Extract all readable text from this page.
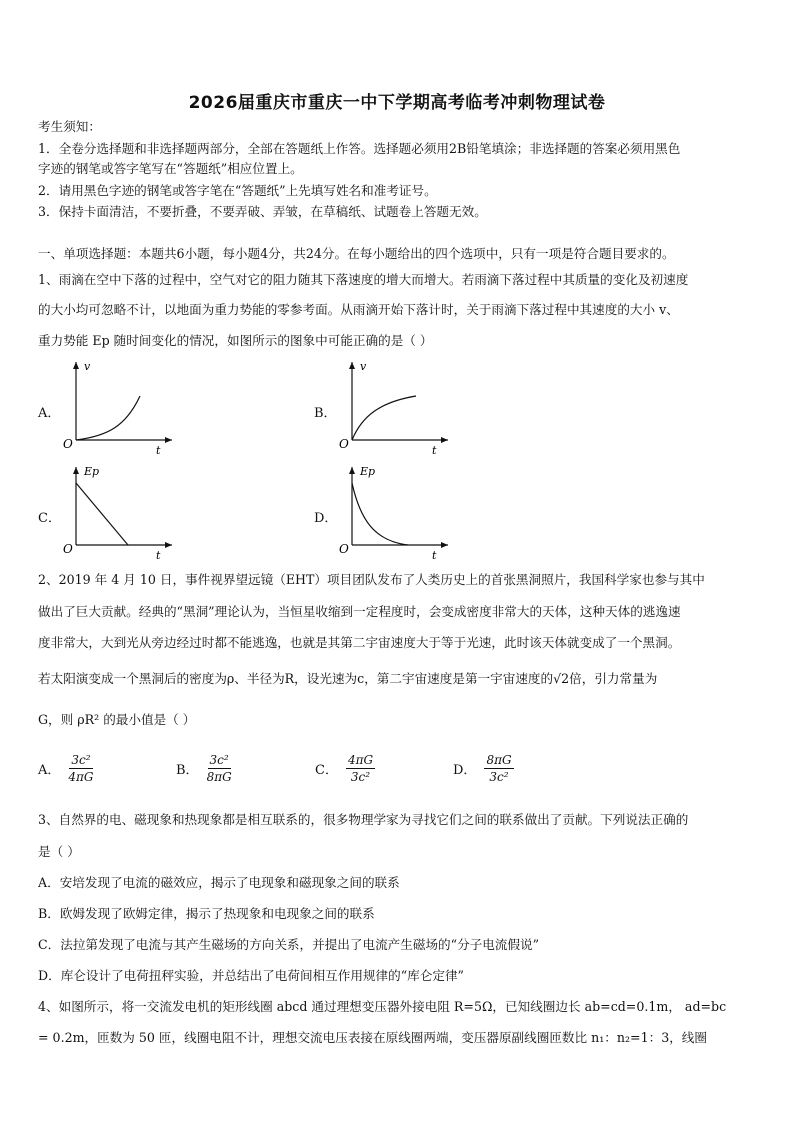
2026届重庆市重庆一中下学期高考临考冲刺物理试卷
考生须知：
1．全卷分选择题和非选择题两部分，全部在答题纸上作答。选择题必须用2B铅笔填涂；非选择题的答案必须用黑色
字迹的钢笔或答字笔写在“答题纸”相应位置上。
2．请用黑色字迹的钢笔或答字笔在“答题纸”上先填写姓名和准考证号。
3．保持卡面清洁，不要折叠，不要弄破、弄皱，在草稿纸、试题卷上答题无效。
一、单项选择题：本题共6小题，每小题4分，共24分。在每小题给出的四个选项中，只有一项是符合题目要求的。
1、雨滴在空中下落的过程中，空气对它的阻力随其下落速度的增大而增大。若雨滴下落过程中其质量的变化及初速度
的大小均可忽略不计，以地面为重力势能的零参考面。从雨滴开始下落计时，关于雨滴下落过程中其速度的大小 v、
重力势能 Ep 随时间变化的情况，如图所示的图象中可能正确的是（ ）
A．
O
v
t
B．
O
v
t
C．
O
Ep
t
D．
O
Ep
t
2、2019 年 4 月 10 日，事件视界望远镜（EHT）项目团队发布了人类历史上的首张黑洞照片，我国科学家也参与其中
做出了巨大贡献。经典的“黑洞”理论认为，当恒星收缩到一定程度时，会变成密度非常大的天体，这种天体的逃逸速
度非常大，大到光从旁边经过时都不能逃逸，也就是其第二宇宙速度大于等于光速，此时该天体就变成了一个黑洞。
若太阳演变成一个黑洞后的密度为ρ、半径为R，设光速为c，第二宇宙速度是第一宇宙速度的√2倍，引力常量为
G，则 ρR² 的最小值是（ ）
A． $\frac{\text{3c²}}{4\pi G}$	B． $\frac{\text{3c²}}{8\pi G}$	C． $\frac{4\pi G}{\text{3c²}}$	D． $\frac{8\pi G}{\text{3c²}}$
3、自然界的电、磁现象和热现象都是相互联系的，很多物理学家为寻找它们之间的联系做出了贡献。下列说法正确的
是（ ）
A．安培发现了电流的磁效应，揭示了电现象和磁现象之间的联系
B．欧姆发现了欧姆定律，揭示了热现象和电现象之间的联系
C．法拉第发现了电流与其产生磁场的方向关系，并提出了电流产生磁场的“分子电流假说”
D．库仑设计了电荷扭秤实验，并总结出了电荷间相互作用规律的“库仑定律”
4、如图所示，将一交流发电机的矩形线圈 abcd 通过理想变压器外接电阻 R=5Ω，已知线圈边长 ab=cd=0.1m， ad=bc
= 0.2m，匝数为 50 匝，线圈电阻不计，理想交流电压表接在原线圈两端，变压器原副线圈匝数比 n₁：n₂=1：3，线圈
